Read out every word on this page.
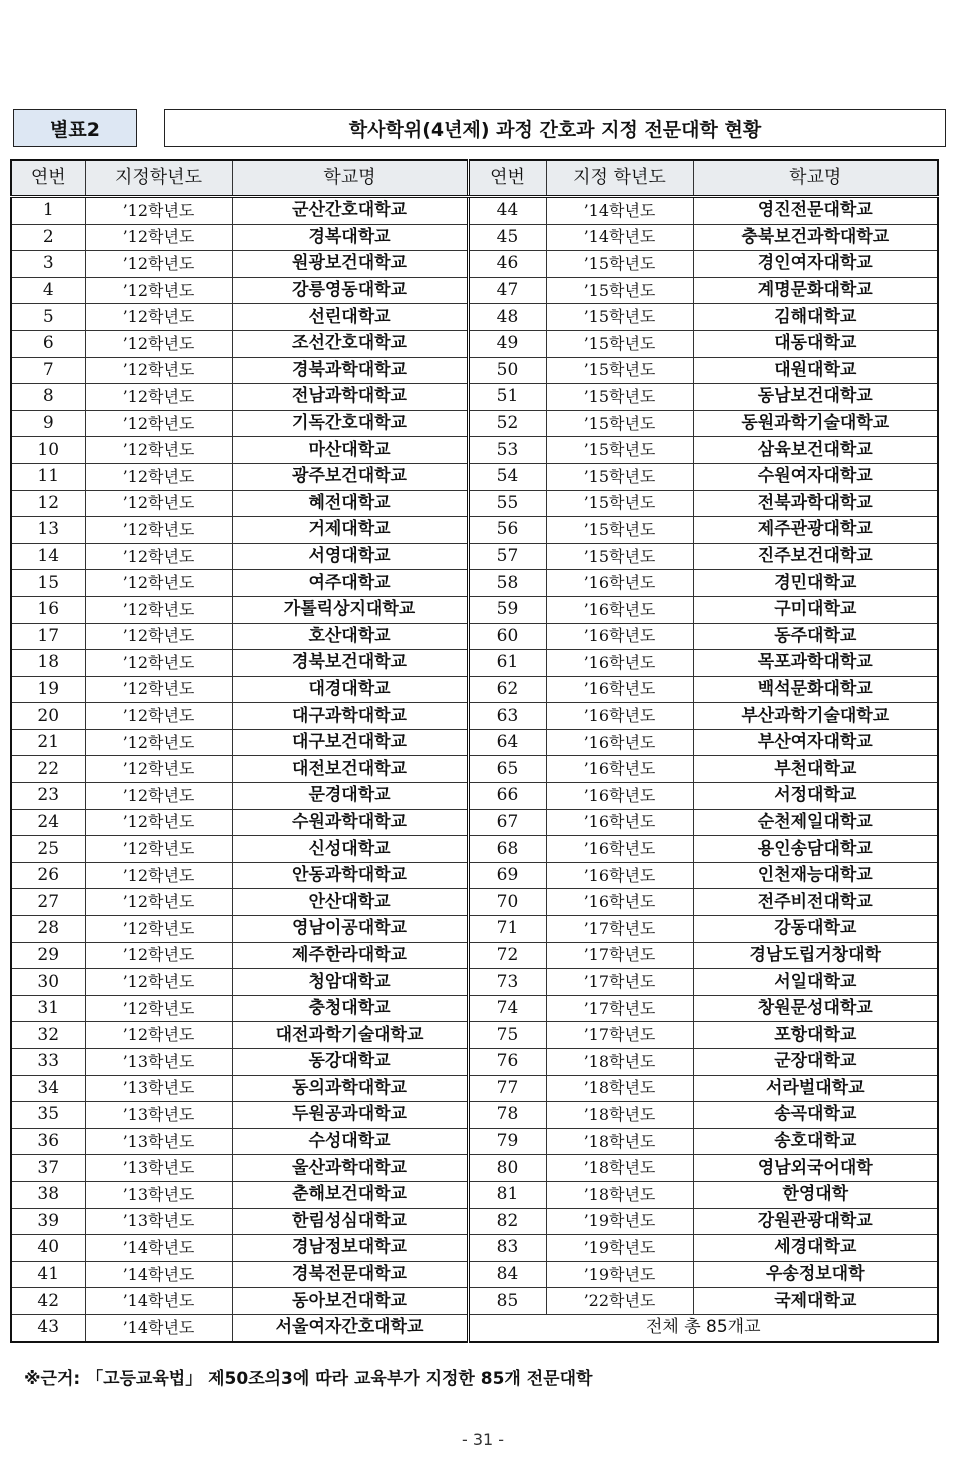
별표2	학사학위(4년제) 과정 간호과 지정 전문대학 현황
연번	지정학년도	학교명	연번	지정 학년도	학교명
1	’12학년도	군산간호대학교	44	’14학년도	영진전문대학교
2	’12학년도	경복대학교	45	’14학년도	충북보건과학대학교
3	’12학년도	원광보건대학교	46	’15학년도	경인여자대학교
4	’12학년도	강릉영동대학교	47	’15학년도	계명문화대학교
5	’12학년도	선린대학교	48	’15학년도	김해대학교
6	’12학년도	조선간호대학교	49	’15학년도	대동대학교
7	’12학년도	경북과학대학교	50	’15학년도	대원대학교
8	’12학년도	전남과학대학교	51	’15학년도	동남보건대학교
9	’12학년도	기독간호대학교	52	’15학년도	동원과학기술대학교
10	’12학년도	마산대학교	53	’15학년도	삼육보건대학교
11	’12학년도	광주보건대학교	54	’15학년도	수원여자대학교
12	’12학년도	혜전대학교	55	’15학년도	전북과학대학교
13	’12학년도	거제대학교	56	’15학년도	제주관광대학교
14	’12학년도	서영대학교	57	’15학년도	진주보건대학교
15	’12학년도	여주대학교	58	’16학년도	경민대학교
16	’12학년도	가톨릭상지대학교	59	’16학년도	구미대학교
17	’12학년도	호산대학교	60	’16학년도	동주대학교
18	’12학년도	경북보건대학교	61	’16학년도	목포과학대학교
19	’12학년도	대경대학교	62	’16학년도	백석문화대학교
20	’12학년도	대구과학대학교	63	’16학년도	부산과학기술대학교
21	’12학년도	대구보건대학교	64	’16학년도	부산여자대학교
22	’12학년도	대전보건대학교	65	’16학년도	부천대학교
23	’12학년도	문경대학교	66	’16학년도	서정대학교
24	’12학년도	수원과학대학교	67	’16학년도	순천제일대학교
25	’12학년도	신성대학교	68	’16학년도	용인송담대학교
26	’12학년도	안동과학대학교	69	’16학년도	인천재능대학교
27	’12학년도	안산대학교	70	’16학년도	전주비전대학교
28	’12학년도	영남이공대학교	71	’17학년도	강동대학교
29	’12학년도	제주한라대학교	72	’17학년도	경남도립거창대학
30	’12학년도	청암대학교	73	’17학년도	서일대학교
31	’12학년도	충청대학교	74	’17학년도	창원문성대학교
32	’12학년도	대전과학기술대학교	75	’17학년도	포항대학교
33	’13학년도	동강대학교	76	’18학년도	군장대학교
34	’13학년도	동의과학대학교	77	’18학년도	서라벌대학교
35	’13학년도	두원공과대학교	78	’18학년도	송곡대학교
36	’13학년도	수성대학교	79	’18학년도	송호대학교
37	’13학년도	울산과학대학교	80	’18학년도	영남외국어대학
38	’13학년도	춘해보건대학교	81	’18학년도	한영대학
39	’13학년도	한림성심대학교	82	’19학년도	강원관광대학교
40	’14학년도	경남정보대학교	83	’19학년도	세경대학교
41	’14학년도	경북전문대학교	84	’19학년도	우송정보대학
42	’14학년도	동아보건대학교	85	’22학년도	국제대학교
43	’14학년도	서울여자간호대학교	전체 총 85개교		
※근거: 「고등교육법」 제50조의3에 따라 교육부가 지정한 85개 전문대학
- 31 -
